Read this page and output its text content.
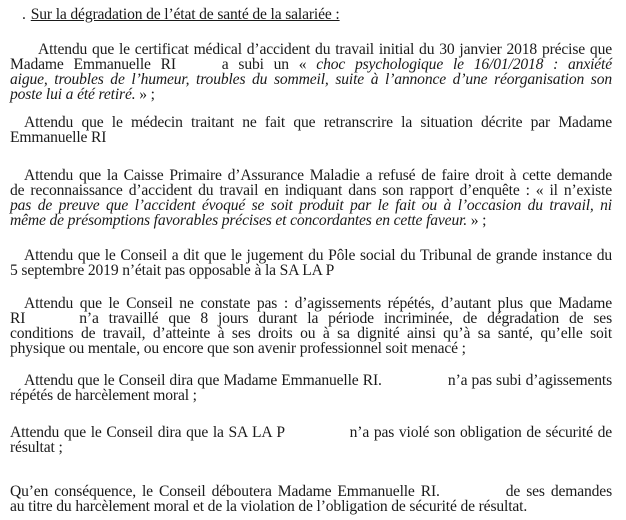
. Sur la dégradation de l’état de santé de la salariée :
Attendu que le certificat médical d’accident du travail initial du 30 janvier 2018 précise que
Madame Emmanuelle RI a subi un « choc psychologique le 16/01/2018 : anxiété
aigue, troubles de l’humeur, troubles du sommeil, suite à l’annonce d’une réorganisation son
poste lui a été retiré. » ;
Attendu que le médecin traitant ne fait que retranscrire la situation décrite par Madame
Emmanuelle RI
Attendu que la Caisse Primaire d’Assurance Maladie a refusé de faire droit à cette demande
de reconnaissance d’accident du travail en indiquant dans son rapport d’enquête : « il n’existe
pas de preuve que l’accident évoqué se soit produit par le fait ou à l’occasion du travail, ni
même de présomptions favorables précises et concordantes en cette faveur. » ;
Attendu que le Conseil a dit que le jugement du Pôle social du Tribunal de grande instance du
5 septembre 2019 n’était pas opposable à la SA LA P
Attendu que le Conseil ne constate pas : d’agissements répétés, d’autant plus que Madame
RI	n’a travaillé que 8 jours durant la période incriminée, de dégradation de ses
conditions de travail, d’atteinte à ses droits ou à sa dignité ainsi qu’à sa santé, qu’elle soit
physique ou mentale, ou encore que son avenir professionnel soit menacé ;
Attendu que le Conseil dira que Madame Emmanuelle RI.	n’a pas subi d’agissements
répétés de harcèlement moral ;
Attendu que le Conseil dira que la SA LA P	n’a pas violé son obligation de sécurité de
résultat ;
Qu’en conséquence, le Conseil déboutera Madame Emmanuelle RI.	de ses demandes
au titre du harcèlement moral et de la violation de l’obligation de sécurité de résultat.
